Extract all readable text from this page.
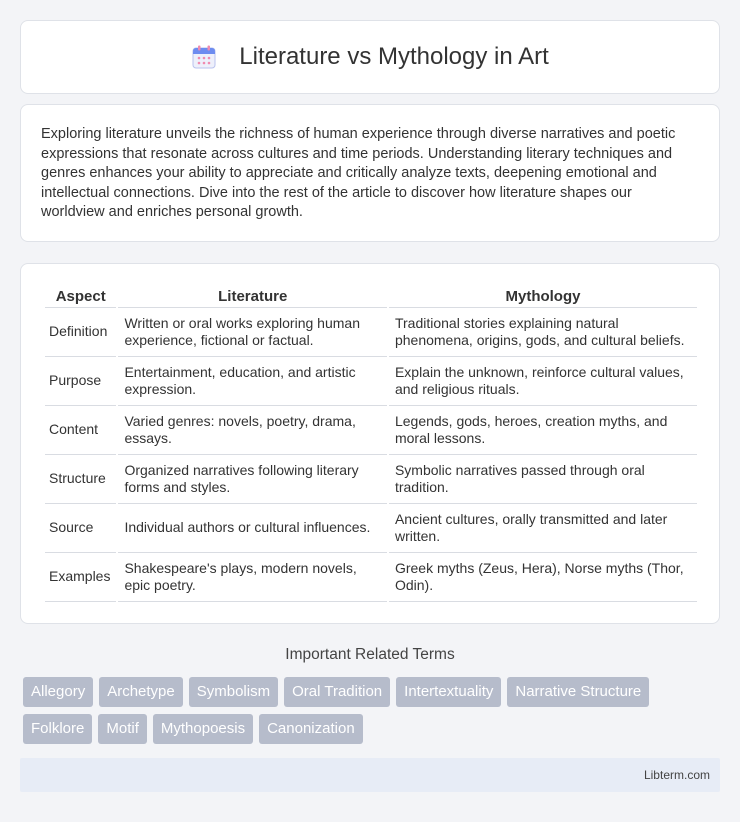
Literature vs Mythology in Art

Exploring literature unveils the richness of human experience through diverse narratives and poetic expressions that resonate across cultures and time periods. Understanding literary techniques and genres enhances your ability to appreciate and critically analyze texts, deepening emotional and intellectual connections. Dive into the rest of the article to discover how literature shapes our worldview and enriches personal growth.

Aspect	Literature	Mythology
Definition	Written or oral works exploring human experience, fictional or factual.	Traditional stories explaining natural phenomena, origins, gods, and cultural beliefs.
Purpose	Entertainment, education, and artistic expression.	Explain the unknown, reinforce cultural values, and religious rituals.
Content	Varied genres: novels, poetry, drama, essays.	Legends, gods, heroes, creation myths, and moral lessons.
Structure	Organized narratives following literary forms and styles.	Symbolic narratives passed through oral tradition.
Source	Individual authors or cultural influences.	Ancient cultures, orally transmitted and later written.
Examples	Shakespeare's plays, modern novels, epic poetry.	Greek myths (Zeus, Hera), Norse myths (Thor, Odin).
Important Related Terms
Allegory	Archetype	Symbolism	Oral Tradition	Intertextuality	Narrative Structure
Folklore	Motif	Mythopoesis	Canonization
Libterm.com
